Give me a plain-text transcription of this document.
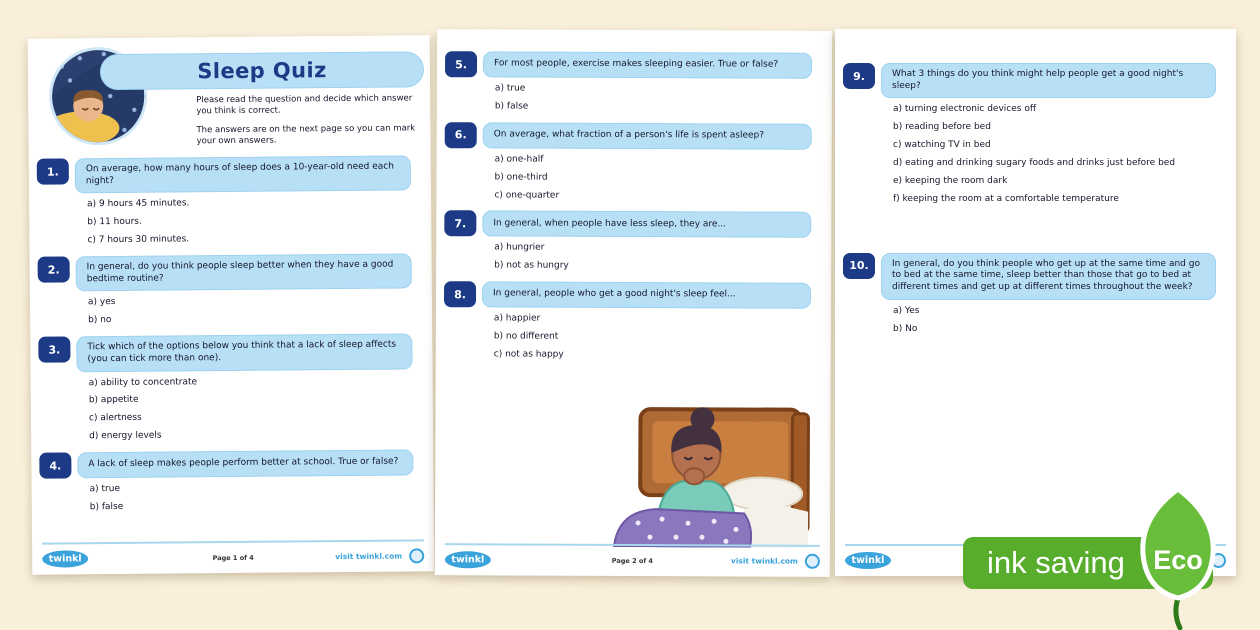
Sleep Quiz

Please read the question and decide which answer you think is correct.

The answers are on the next page so you can mark your own answers.

1.	On average, how many hours of sleep does a 10-year-old need each night?
a) 9 hours 45 minutes.
b) 11 hours.
c) 7 hours 30 minutes.
2.	In general, do you think people sleep better when they have a good bedtime routine?
a) yes
b) no
3.	Tick which of the options below you think that a lack of sleep affects (you can tick more than one).
a) ability to concentrate
b) appetite
c) alertness
d) energy levels
4.	A lack of sleep makes people perform better at school. True or false?
a) true
b) false
twinkl	Page 1 of 4	visit twinkl.com
5.	For most people, exercise makes sleeping easier. True or false?
a) true
b) false
6.	On average, what fraction of a person's life is spent asleep?
a) one-half
b) one-third
c) one-quarter
7.	In general, when people have less sleep, they are...
a) hungrier
b) not as hungry
8.	In general, people who get a good night's sleep feel...
a) happier
b) no different
c) not as happy
twinkl	Page 2 of 4	visit twinkl.com
9.	What 3 things do you think might help people get a good night's sleep?
a) turning electronic devices off
b) reading before bed
c) watching TV in bed
d) eating and drinking sugary foods and drinks just before bed
e) keeping the room dark
f) keeping the room at a comfortable temperature
10.	In general, do you think people who get up at the same time and go to bed at the same time, sleep better than those that go to bed at different times and get up at different times throughout the week?
a) Yes
b) No
twinkl	ink saving Eco
